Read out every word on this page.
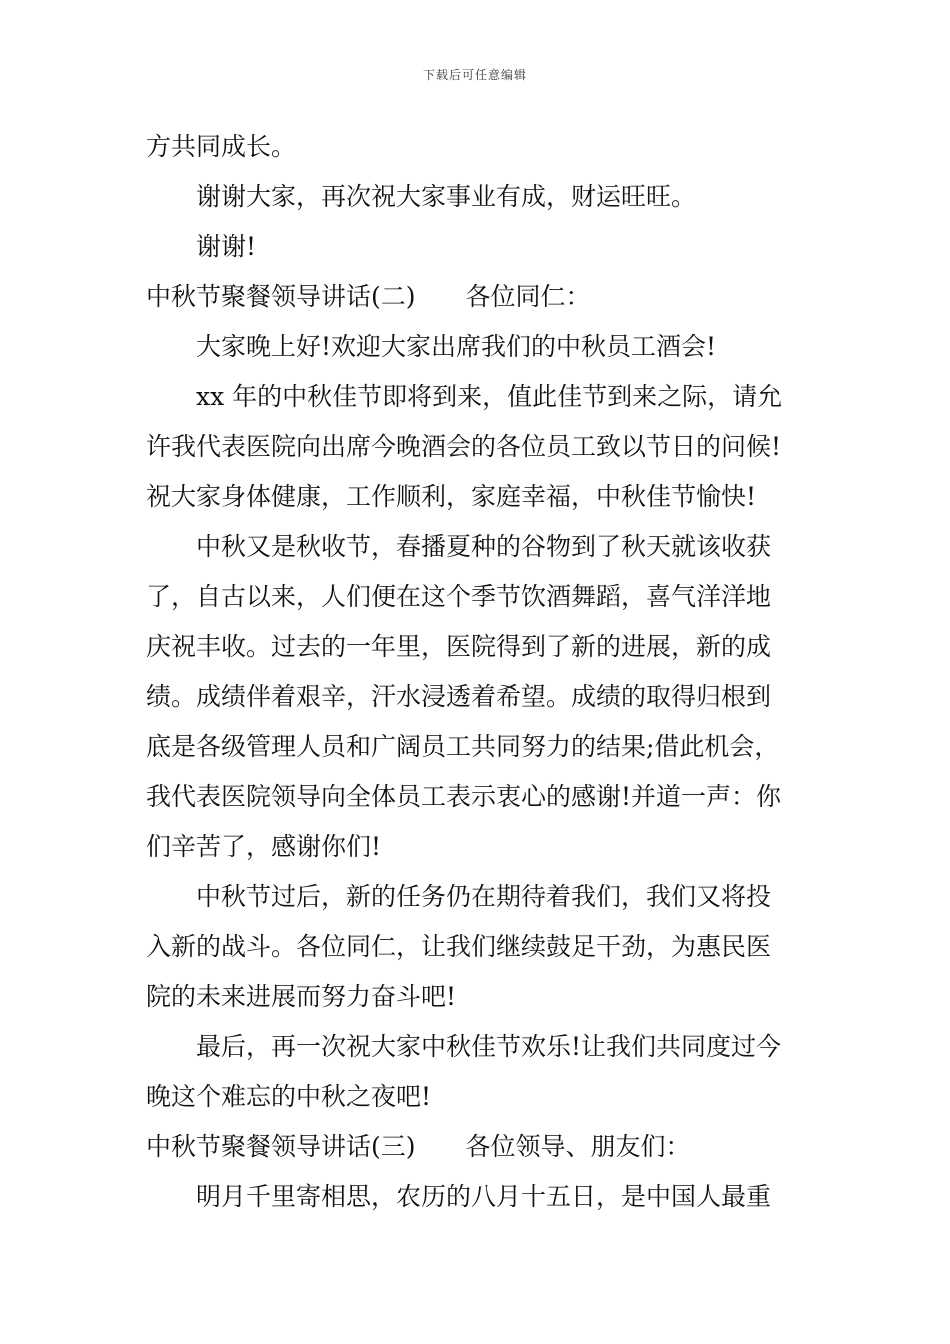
下载后可任意编辑
方共同成长。
谢谢大家，再次祝大家事业有成，财运旺旺。
谢谢!
中秋节聚餐领导讲话(二) 各位同仁：
大家晚上好!欢迎大家出席我们的中秋员工酒会!
xx 年的中秋佳节即将到来，值此佳节到来之际，请允
许我代表医院向出席今晚酒会的各位员工致以节日的问候!
祝大家身体健康，工作顺利，家庭幸福，中秋佳节愉快!
中秋又是秋收节，春播夏种的谷物到了秋天就该收获
了，自古以来，人们便在这个季节饮酒舞蹈，喜气洋洋地
庆祝丰收。过去的一年里，医院得到了新的进展，新的成
绩。成绩伴着艰辛，汗水浸透着希望。成绩的取得归根到
底是各级管理人员和广阔员工共同努力的结果;借此机会，
我代表医院领导向全体员工表示衷心的感谢!并道一声：你
们辛苦了，感谢你们!
中秋节过后，新的任务仍在期待着我们，我们又将投
入新的战斗。各位同仁，让我们继续鼓足干劲，为惠民医
院的未来进展而努力奋斗吧!
最后，再一次祝大家中秋佳节欢乐!让我们共同度过今
晚这个难忘的中秋之夜吧!
中秋节聚餐领导讲话(三) 各位领导、朋友们：
明月千里寄相思，农历的八月十五日，是中国人最重
